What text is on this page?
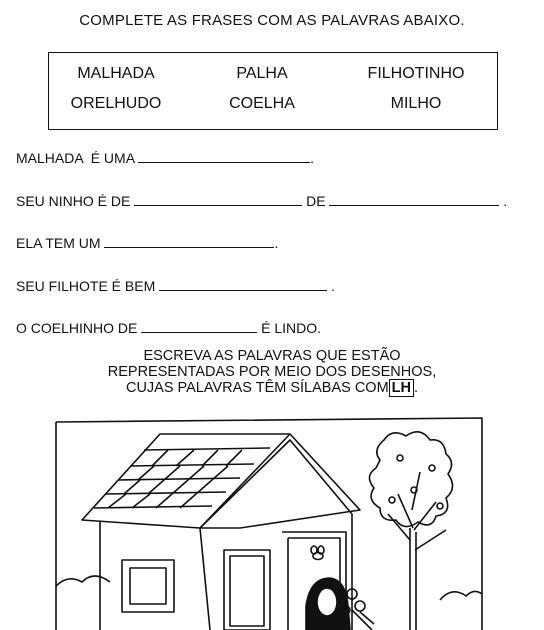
COMPLETE AS FRASES COM AS PALAVRAS ABAIXO.
MALHADA	PALHA	FILHOTINHO
ORELHUDO	COELHA	MILHO
MALHADA  É UMA	.
SEU NINHO É DE	DE	.
ELA TEM UM	.
SEU FILHOTE É BEM	.
O COELHINHO DE	É LINDO.
ESCREVA AS PALAVRAS QUE ESTÃO
REPRESENTADAS POR MEIO DOS DESENHOS,
CUJAS PALAVRAS TÊM SÍLABAS COM LH .
